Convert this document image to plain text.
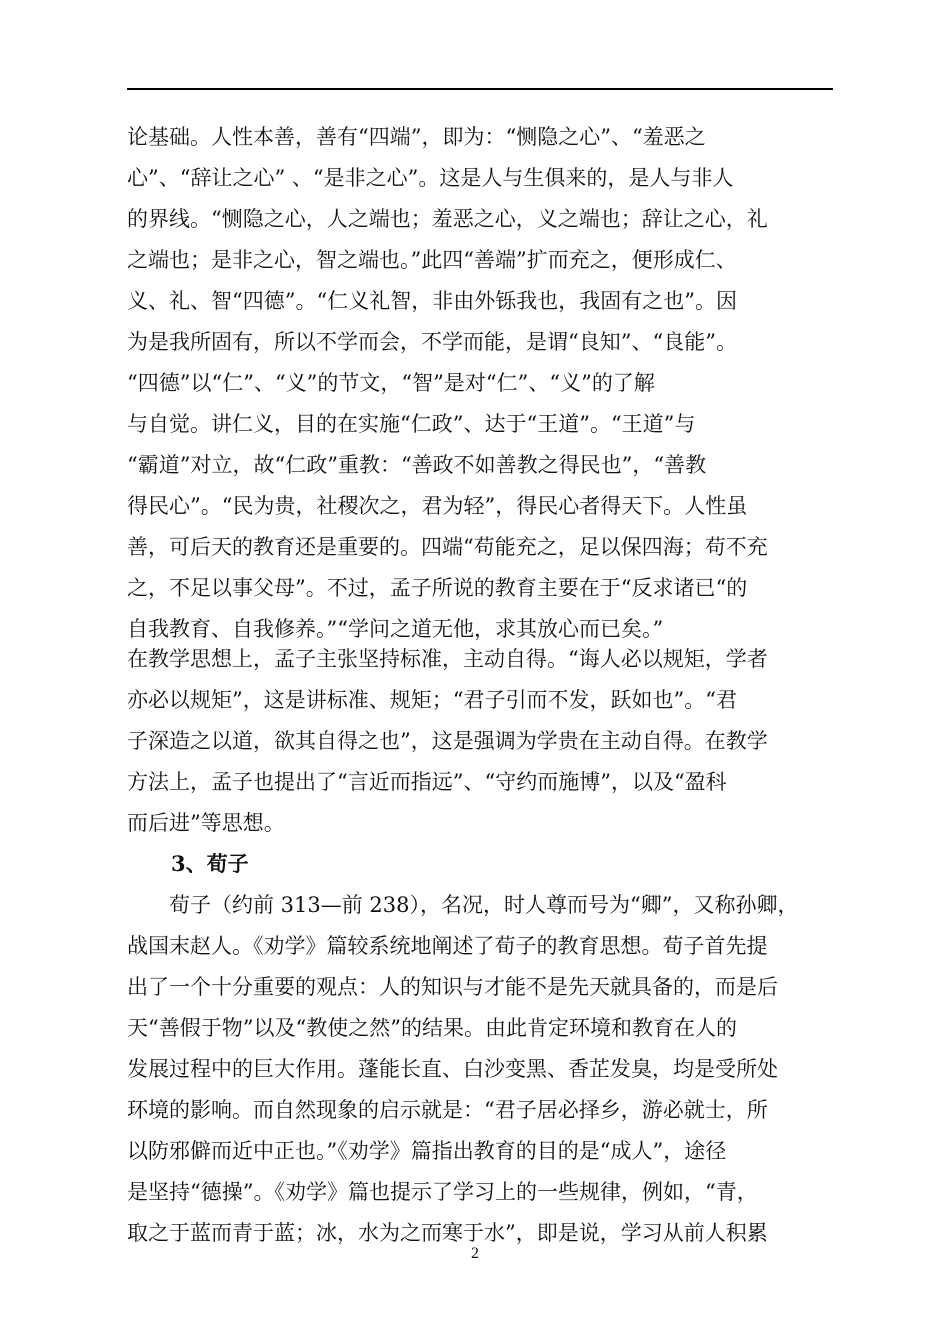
论基础。人性本善，善有“四端”，即为：“恻隐之心”、“羞恶之
心”、“辞让之心” 、“是非之心”。这是人与生俱来的，是人与非人
的界线。“恻隐之心，人之端也；羞恶之心，义之端也；辞让之心，礼
之端也；是非之心，智之端也。”此四“善端”扩而充之，便形成仁、
义、礼、智“四德”。“仁义礼智，非由外铄我也，我固有之也”。因
为是我所固有，所以不学而会，不学而能，是谓“良知”、“良能”。
“四德”以“仁”、“义”的节文，“智”是对“仁”、“义”的了解
与自觉。讲仁义，目的在实施“仁政”、达于“王道”。“王道”与
“霸道”对立，故“仁政”重教：“善政不如善教之得民也”，“善教
得民心”。“民为贵，社稷次之，君为轻”，得民心者得天下。人性虽
善，可后天的教育还是重要的。四端“苟能充之，足以保四海；苟不充
之，不足以事父母”。不过，孟子所说的教育主要在于“反求诸已“的
自我教育、自我修养。”“学问之道无他，求其放心而已矣。”
在教学思想上，孟子主张坚持标准，主动自得。“诲人必以规矩，学者
亦必以规矩”，这是讲标准、规矩；“君子引而不发，跃如也”。“君
子深造之以道，欲其自得之也”，这是强调为学贵在主动自得。在教学
方法上，孟子也提出了“言近而指远”、“守约而施博”，以及“盈科
而后进”等思想。
3、荀子
　　荀子（约前 313—前 238），名况，时人尊而号为“卿”，又称孙卿，
战国末赵人。《劝学》篇较系统地阐述了荀子的教育思想。荀子首先提
出了一个十分重要的观点：人的知识与才能不是先天就具备的，而是后
天“善假于物”以及“教使之然”的结果。由此肯定环境和教育在人的
发展过程中的巨大作用。蓬能长直、白沙变黑、香芷发臭，均是受所处
环境的影响。而自然现象的启示就是：“君子居必择乡，游必就士，所
以防邪僻而近中正也。”《劝学》篇指出教育的目的是“成人”，途径
是坚持“德操”。《劝学》篇也提示了学习上的一些规律，例如，“青，
取之于蓝而青于蓝；冰，水为之而寒于水”，即是说，学习从前人积累
2
